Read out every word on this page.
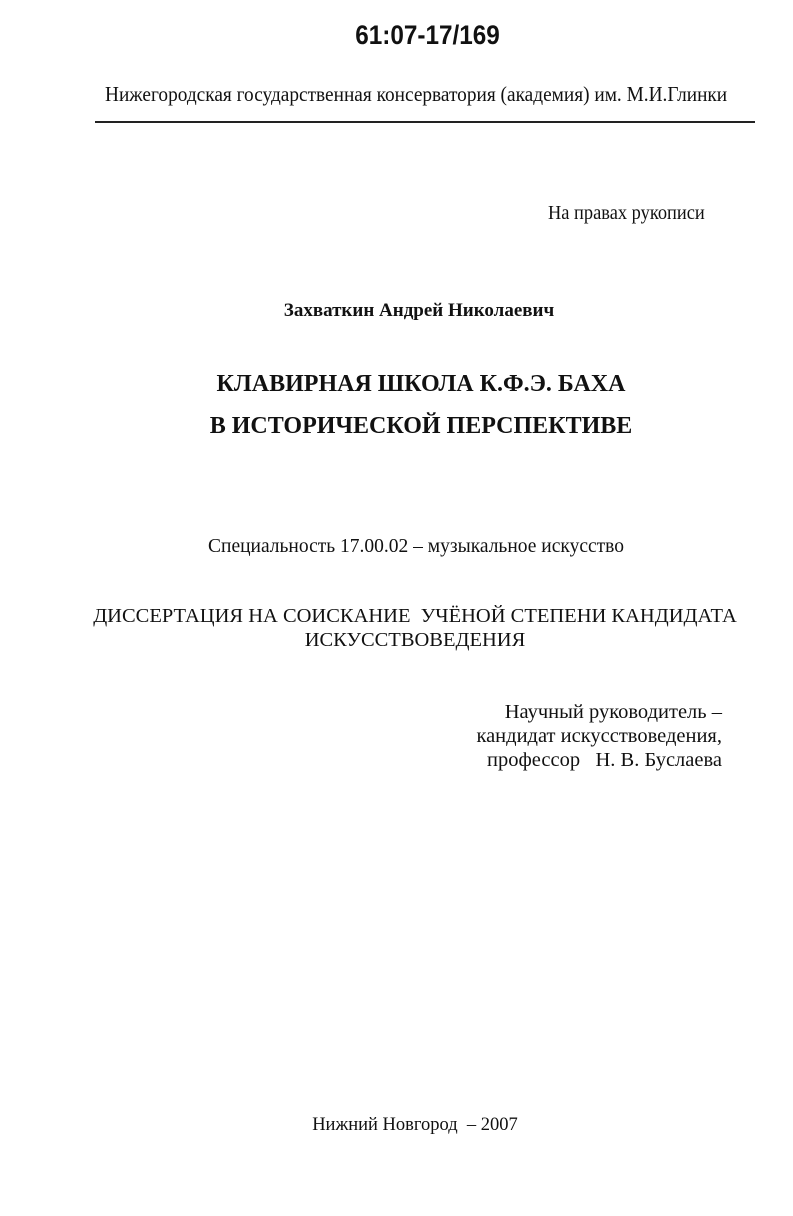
61:07-17/169
Нижегородская государственная консерватория (академия) им. М.И.Глинки
На правах рукописи
Захваткин Андрей Николаевич
КЛАВИРНАЯ ШКОЛА К.Ф.Э. БАХА
В ИСТОРИЧЕСКОЙ ПЕРСПЕКТИВЕ
Специальность 17.00.02 – музыкальное искусство
ДИССЕРТАЦИЯ НА СОИСКАНИЕ  УЧЁНОЙ СТЕПЕНИ КАНДИДАТА
ИСКУССТВОВЕДЕНИЯ
Научный руководитель –
кандидат искусствоведения,
профессор   Н. В. Буслаева
Нижний Новгород  – 2007
